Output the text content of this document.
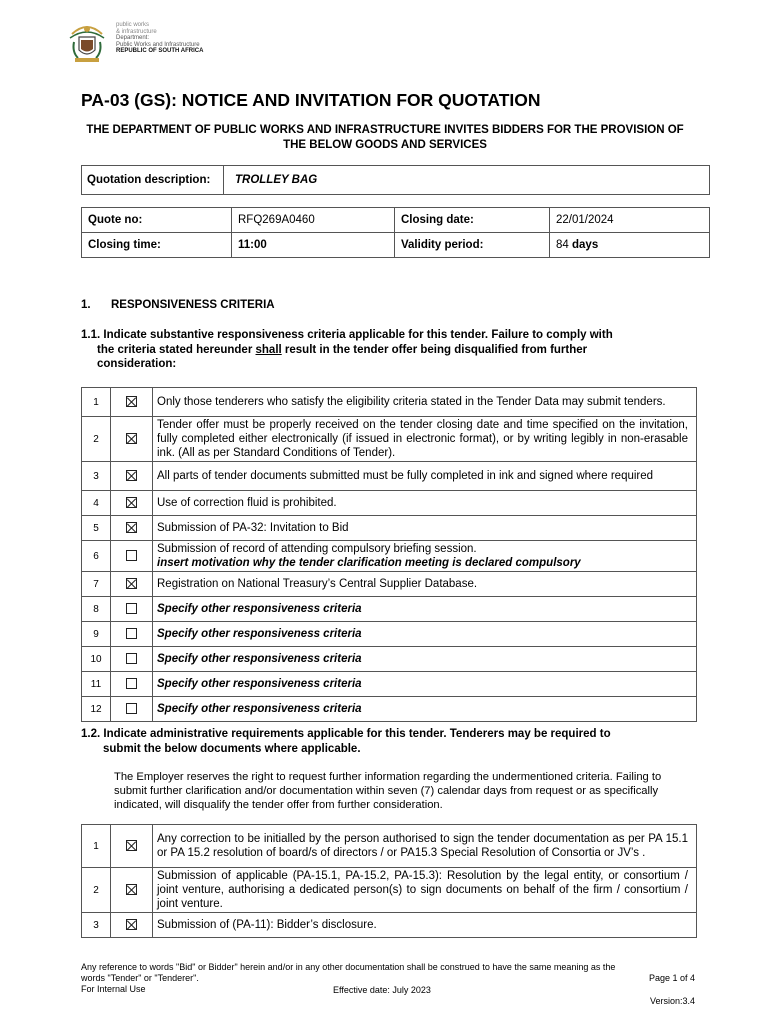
public works
& infrastructure
Department:
Public Works and Infrastructure
REPUBLIC OF SOUTH AFRICA
PA-03 (GS): NOTICE AND INVITATION FOR QUOTATION
THE DEPARTMENT OF PUBLIC WORKS AND INFRASTRUCTURE INVITES BIDDERS FOR THE PROVISION OF THE BELOW GOODS AND SERVICES
Quotation description:	TROLLEY BAG
Quote no:	RFQ269A0460	Closing date:	22/01/2024
Closing time:	11:00	Validity period:	84 days
1. RESPONSIVENESS CRITERIA
1.1. Indicate substantive responsiveness criteria applicable for this tender. Failure to comply with
the criteria stated hereunder shall result in the tender offer being disqualified from further
consideration:
1		Only those tenderers who satisfy the eligibility criteria stated in the Tender Data may submit tenders.
2		Tender offer must be properly received on the tender closing date and time specified on the invitation, fully completed either electronically (if issued in electronic format), or by writing legibly in non-erasable ink. (All as per Standard Conditions of Tender).
3		All parts of tender documents submitted must be fully completed in ink and signed where required
4		Use of correction fluid is prohibited.
5		Submission of PA-32: Invitation to Bid
6		Submission of record of attending compulsory briefing session.
insert motivation why the tender clarification meeting is declared compulsory
7		Registration on National Treasury’s Central Supplier Database.
8		Specify other responsiveness criteria
9		Specify other responsiveness criteria
10		Specify other responsiveness criteria
11		Specify other responsiveness criteria
12		Specify other responsiveness criteria
1.2. Indicate administrative requirements applicable for this tender. Tenderers may be required to
submit the below documents where applicable.
The Employer reserves the right to request further information regarding the undermentioned criteria. Failing to submit further clarification and/or documentation within seven (7) calendar days from request or as specifically indicated, will disqualify the tender offer from further consideration.
1		Any correction to be initialled by the person authorised to sign the tender documentation as per PA 15.1 or PA 15.2 resolution of board/s of directors / or PA15.3 Special Resolution of Consortia or JV’s .
2		Submission of applicable (PA-15.1, PA-15.2, PA-15.3): Resolution by the legal entity, or consortium / joint venture, authorising a dedicated person(s) to sign documents on behalf of the firm / consortium / joint venture.
3		Submission of (PA-11): Bidder’s disclosure.
Any reference to words "Bid" or Bidder" herein and/or in any other documentation shall be construed to have the same meaning as the
words "Tender" or "Tenderer".	Page 1 of 4
For Internal Use	Effective date: July 2023
Version:3.4
